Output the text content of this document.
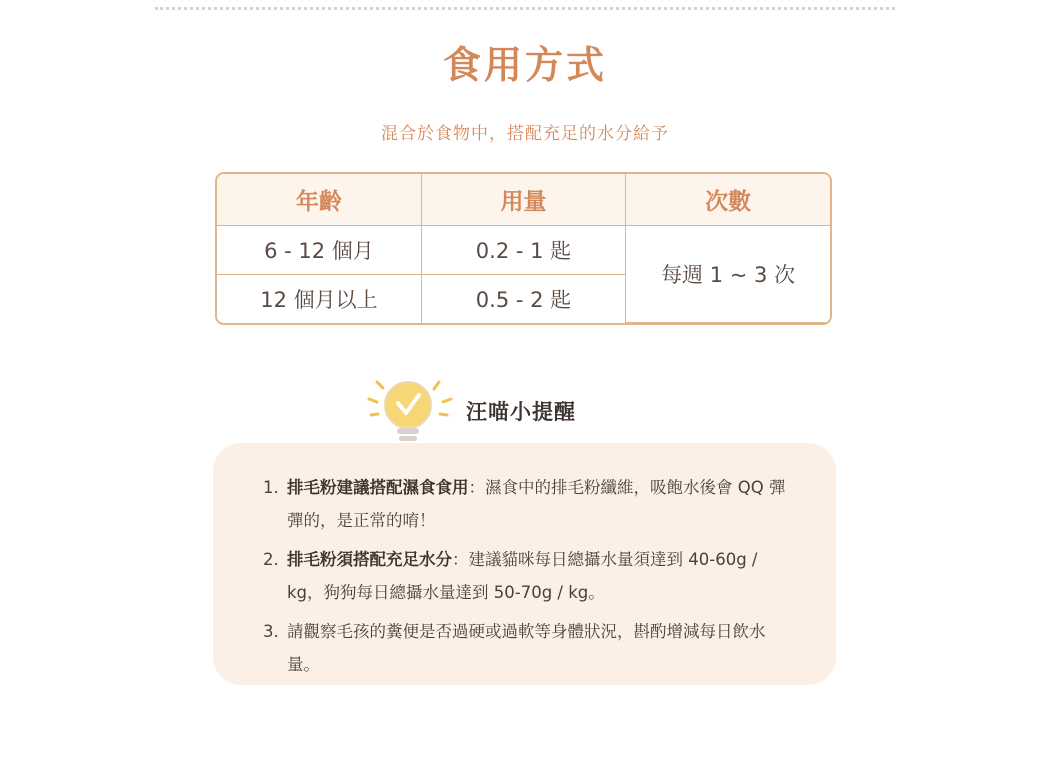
食用方式
混合於食物中，搭配充足的水分給予
年齡	用量	次數
6 - 12 個月	0.2 - 1 匙	每週 1 ~ 3 次
12 個月以上	0.5 - 2 匙	
汪喵小提醒
1. 排毛粉建議搭配濕食食用：濕食中的排毛粉纖維，吸飽水後會 QQ 彈彈的，是正常的唷！
2. 排毛粉須搭配充足水分：建議貓咪每日總攝水量須達到 40-60g / kg，狗狗每日總攝水量達到 50-70g / kg。
3. 請觀察毛孩的糞便是否過硬或過軟等身體狀況，斟酌增減每日飲水量。
